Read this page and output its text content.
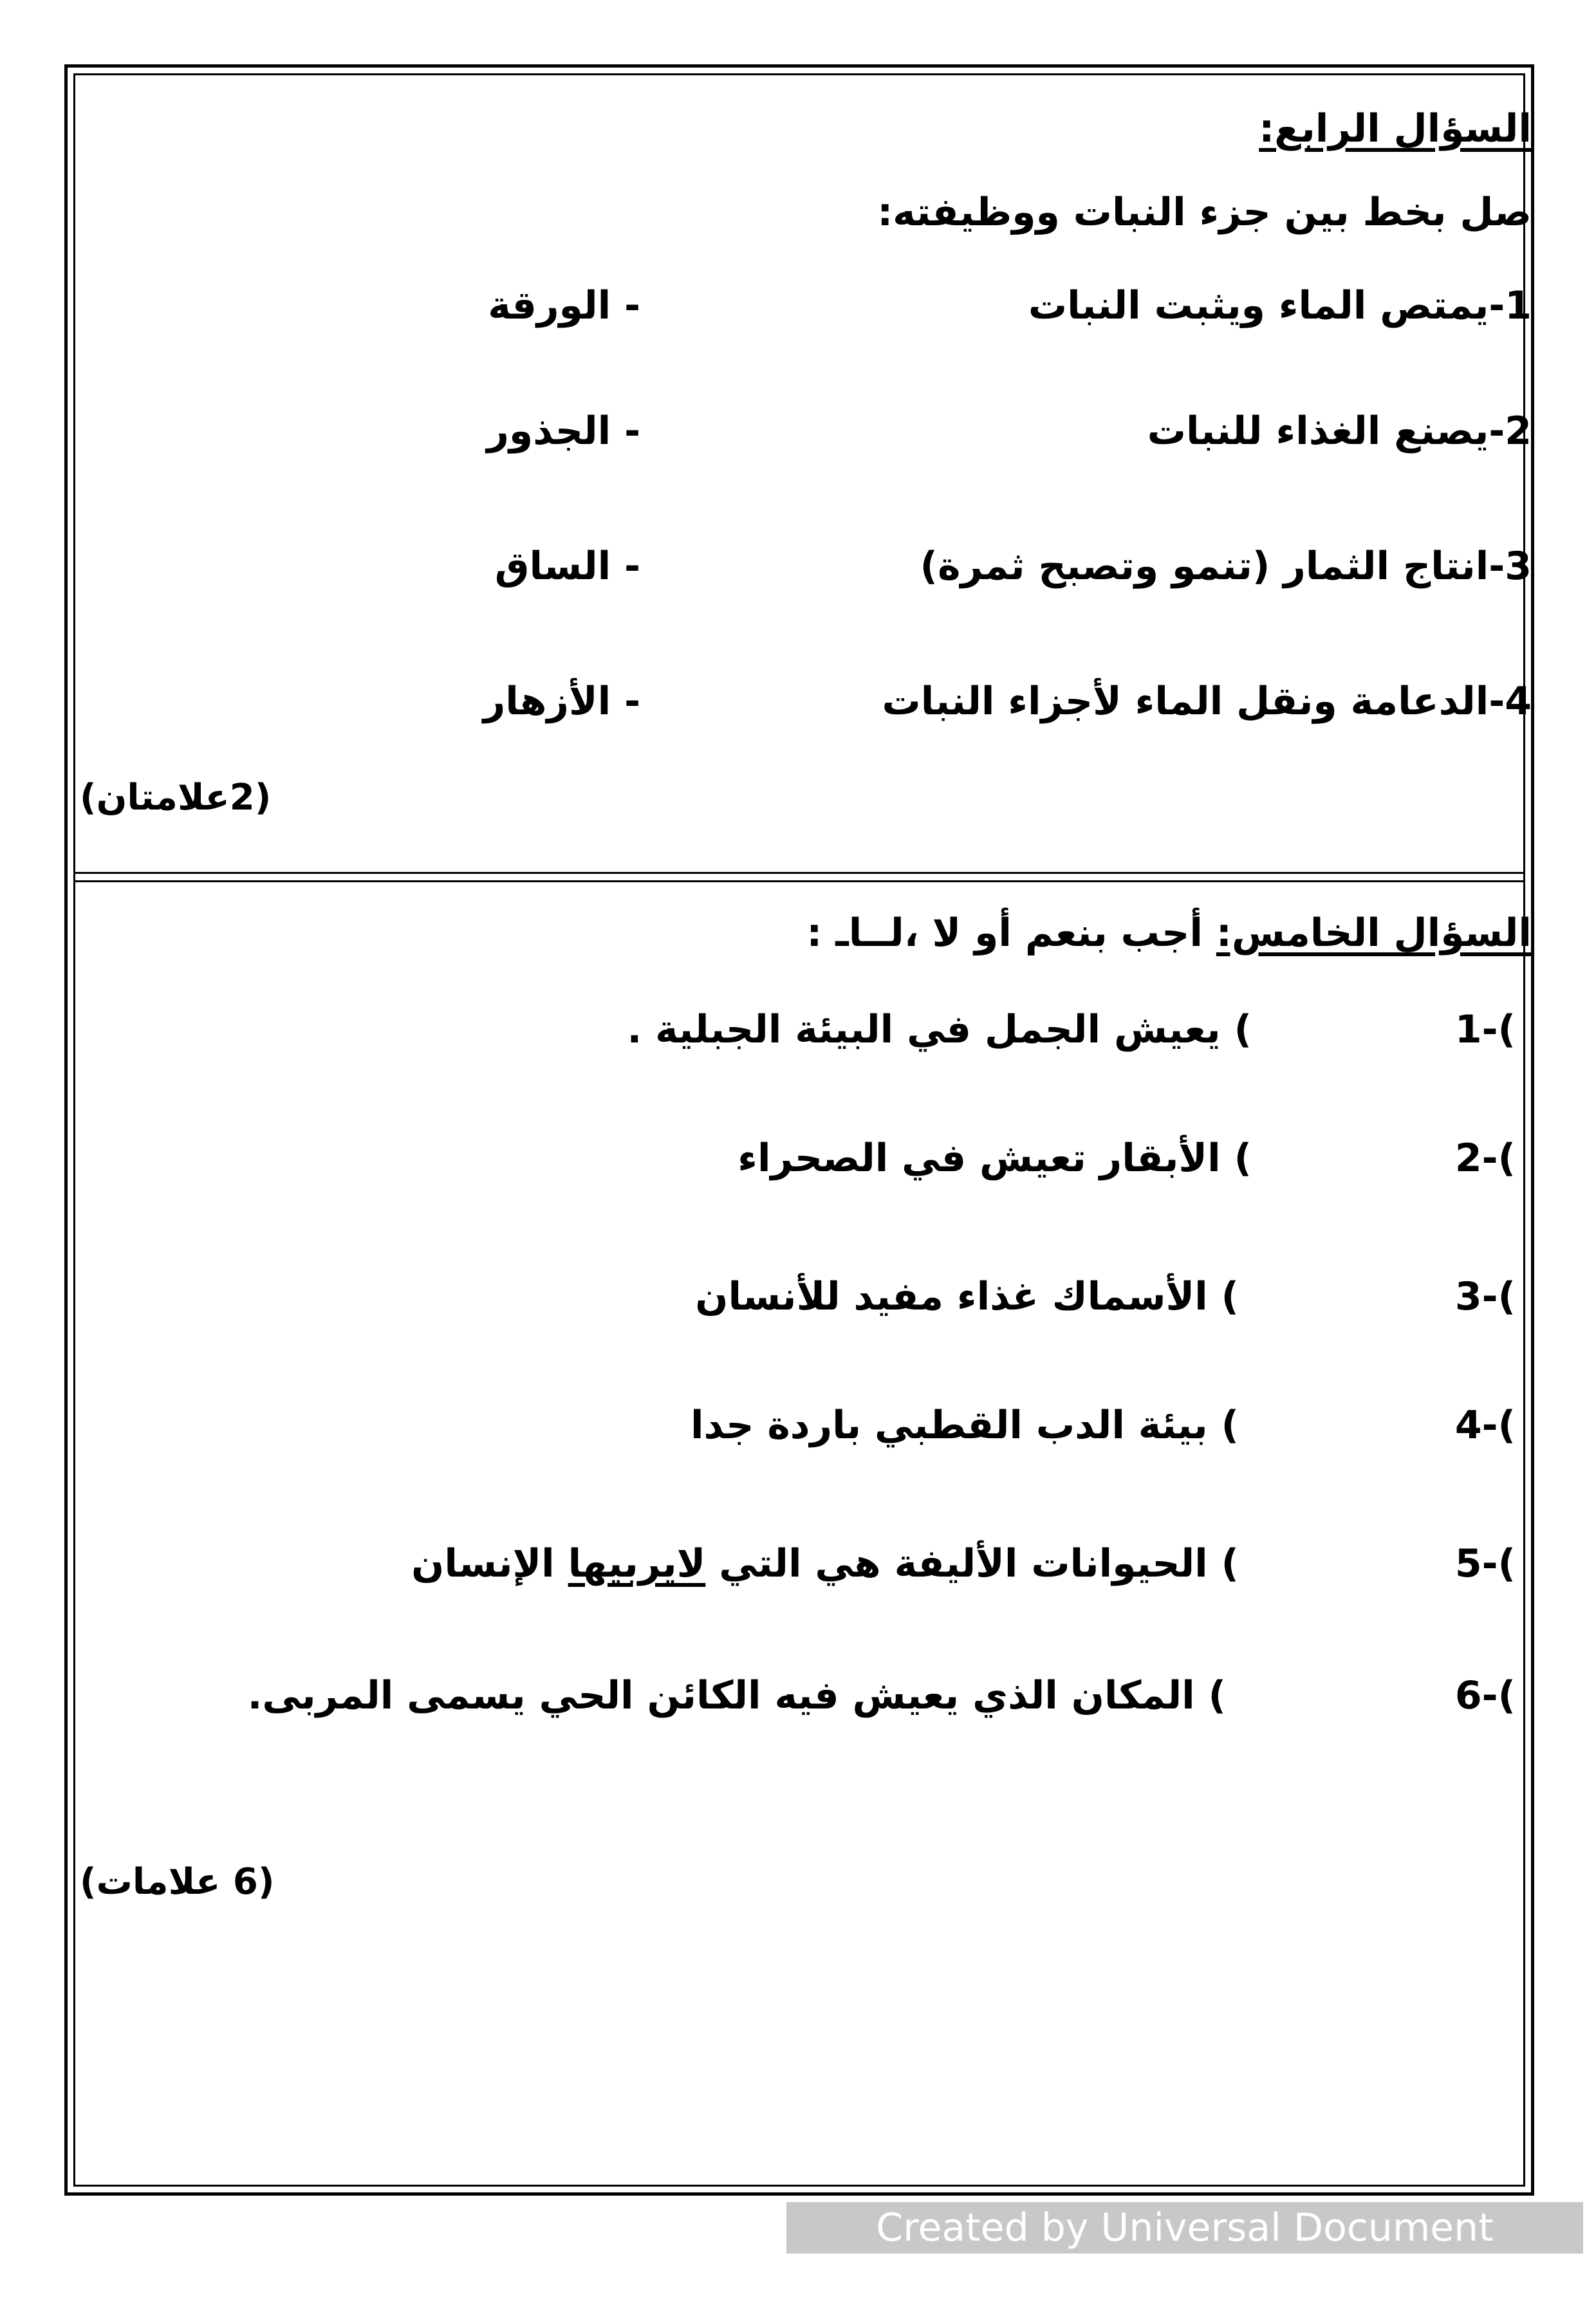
السؤال الرابع:
صل بخط بين جزء النبات ووظيفته:
1-يمتص الماء ويثبت النبات
2-يصنع الغذاء للنبات
3-انتاج الثمار (تنمو وتصبح ثمرة)
4-الدعامة ونقل الماء لأجزاء النبات
- الورقة
- الجذور
- الساق
- الأزهار
(2علامتان)
السؤال الخامس: أجب بنعم أو لا ،لــاـ :
1-(
) يعيش الجمل في البيئة الجبلية .
2-(
) الأبقار تعيش في الصحراء
3-(
) الأسماك غذاء مفيد للأنسان
4-(
) بيئة الدب القطبي باردة جدا
5-(
) الحيوانات الأليفة هي التي لايربيها الإنسان
6-(
) المكان الذي يعيش فيه الكائن الحي يسمى المربى.
(6 علامات)
Created by Universal Document Converter
